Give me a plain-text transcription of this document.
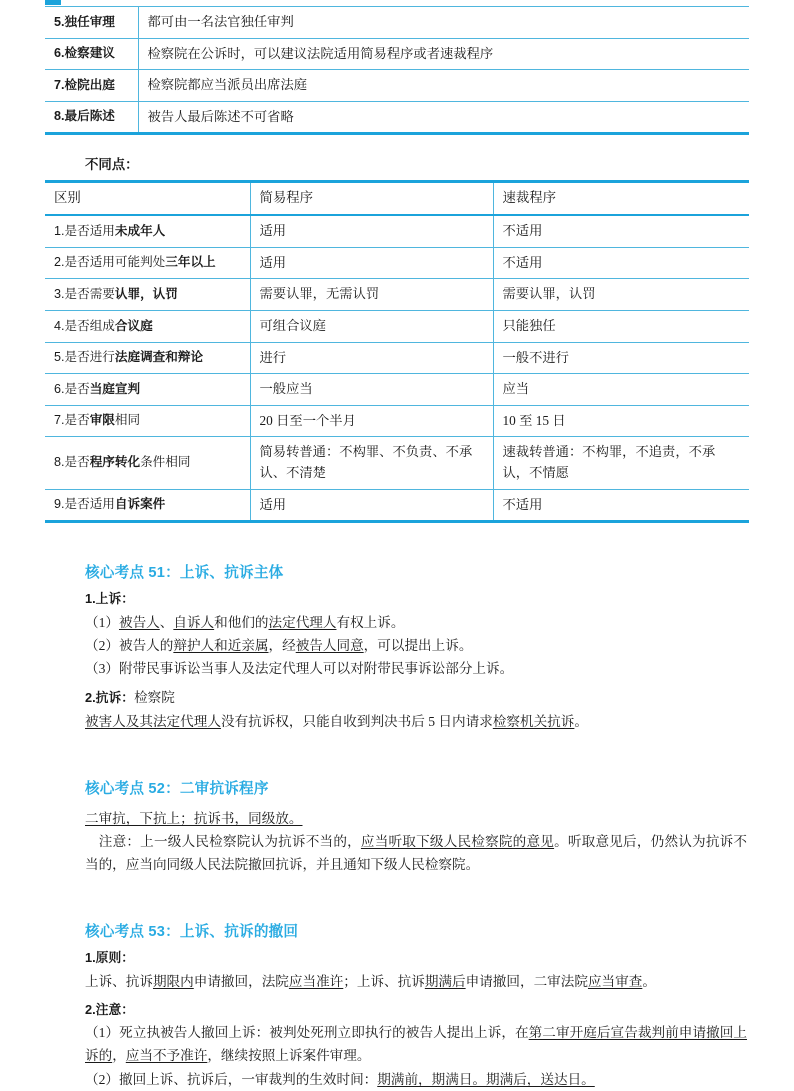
5.独任审理	都可由一名法官独任审判
6.检察建议	检察院在公诉时，可以建议法院适用简易程序或者速裁程序
7.检院出庭	检察院都应当派员出席法庭
8.最后陈述	被告人最后陈述不可省略
不同点：
区别	简易程序	速裁程序
1.是否适用未成年人	适用	不适用
2.是否适用可能判处三年以上	适用	不适用
3.是否需要认罪，认罚	需要认罪，无需认罚	需要认罪，认罚
4.是否组成合议庭	可组合议庭	只能独任
5.是否进行法庭调查和辩论	进行	一般不进行
6.是否当庭宣判	一般应当	应当
7.是否审限相同	20 日至一个半月	10 至 15 日
8.是否程序转化条件相同	简易转普通：不构罪、不负责、不承认、不清楚	速裁转普通：不构罪，不追责，不承认，不情愿
9.是否适用自诉案件	适用	不适用
核心考点 51：上诉、抗诉主体

1.上诉：

（1）被告人、自诉人和他们的法定代理人有权上诉。

（2）被告人的辩护人和近亲属，经被告人同意，可以提出上诉。

（3）附带民事诉讼当事人及法定代理人可以对附带民事诉讼部分上诉。

2.抗诉：检察院

被害人及其法定代理人没有抗诉权，只能自收到判决书后 5 日内请求检察机关抗诉。

核心考点 52：二审抗诉程序

二审抗，下抗上；抗诉书，同级放。

　注意：上一级人民检察院认为抗诉不当的，应当听取下级人民检察院的意见。听取意见后，仍然认为抗诉不当的，应当向同级人民法院撤回抗诉，并且通知下级人民检察院。

核心考点 53：上诉、抗诉的撤回

1.原则：

上诉、抗诉期限内申请撤回，法院应当准许；上诉、抗诉期满后申请撤回，二审法院应当审查。

2.注意：

（1）死立执被告人撤回上诉：被判处死刑立即执行的被告人提出上诉，在第二审开庭后宣告裁判前申请撤回上诉的，应当不予准许，继续按照上诉案件审理。

（2）撤回上诉、抗诉后，一审裁判的生效时间：期满前，期满日。期满后，送达日。
